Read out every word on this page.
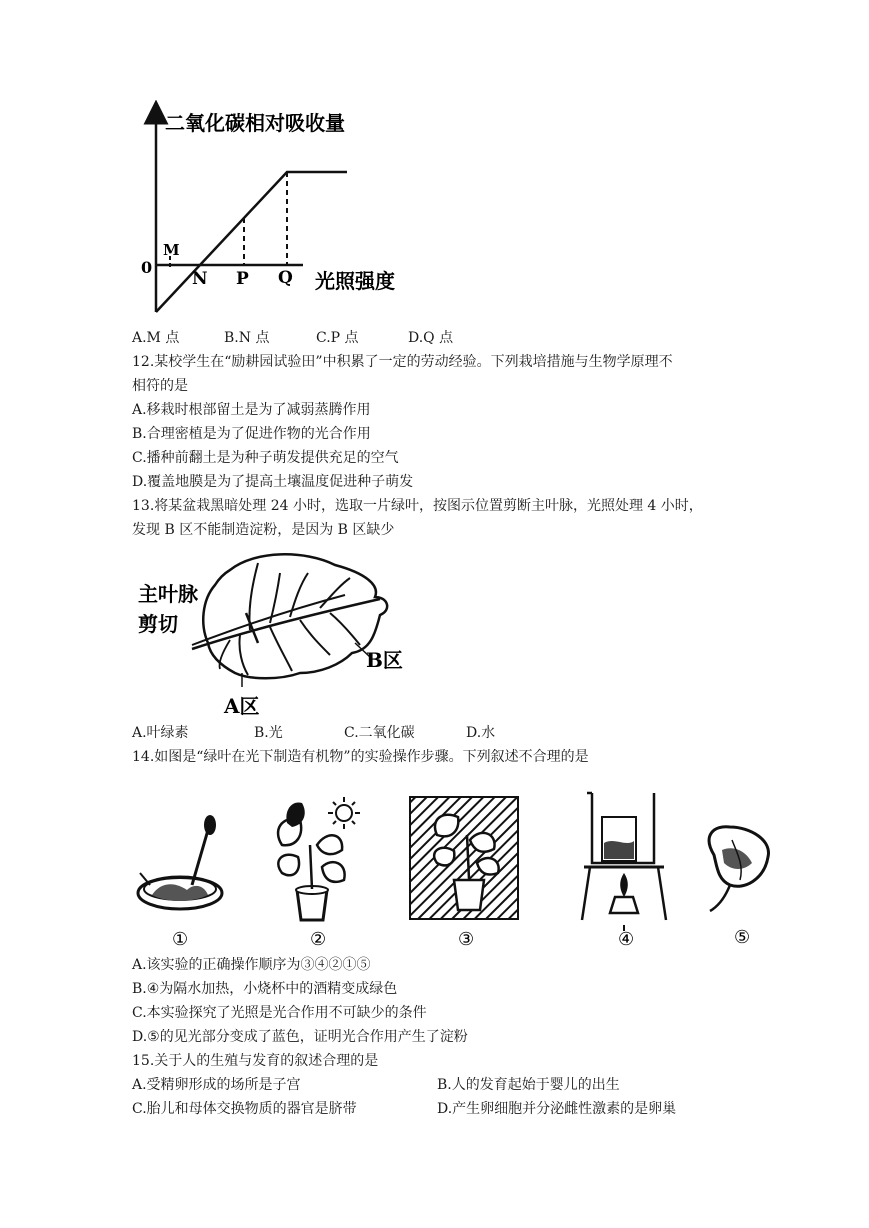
二氧化碳相对吸收量
0
M
N P Q 光照强度
A.M 点	B.N 点	C.P 点	D.Q 点
12.某校学生在“励耕园试验田”中积累了一定的劳动经验。下列栽培措施与生物学原理不
相符的是
A.移栽时根部留土是为了减弱蒸腾作用
B.合理密植是为了促进作物的光合作用
C.播种前翻土是为种子萌发提供充足的空气
D.覆盖地膜是为了提高土壤温度促进种子萌发
13.将某盆栽黑暗处理 24 小时，选取一片绿叶，按图示位置剪断主叶脉，光照处理 4 小时，
发现 B 区不能制造淀粉，是因为 B 区缺少
主叶脉
剪切
B区
A区
A.叶绿素	B.光	C.二氧化碳	D.水
14.如图是“绿叶在光下制造有机物”的实验操作步骤。下列叙述不合理的是
①	②	③	④	⑤
A.该实验的正确操作顺序为③④②①⑤
B.④为隔水加热，小烧杯中的酒精变成绿色
C.本实验探究了光照是光合作用不可缺少的条件
D.⑤的见光部分变成了蓝色，证明光合作用产生了淀粉
15.关于人的生殖与发育的叙述合理的是
A.受精卵形成的场所是子宫	B.人的发育起始于婴儿的出生
C.胎儿和母体交换物质的器官是脐带	D.产生卵细胞并分泌雌性激素的是卵巢
